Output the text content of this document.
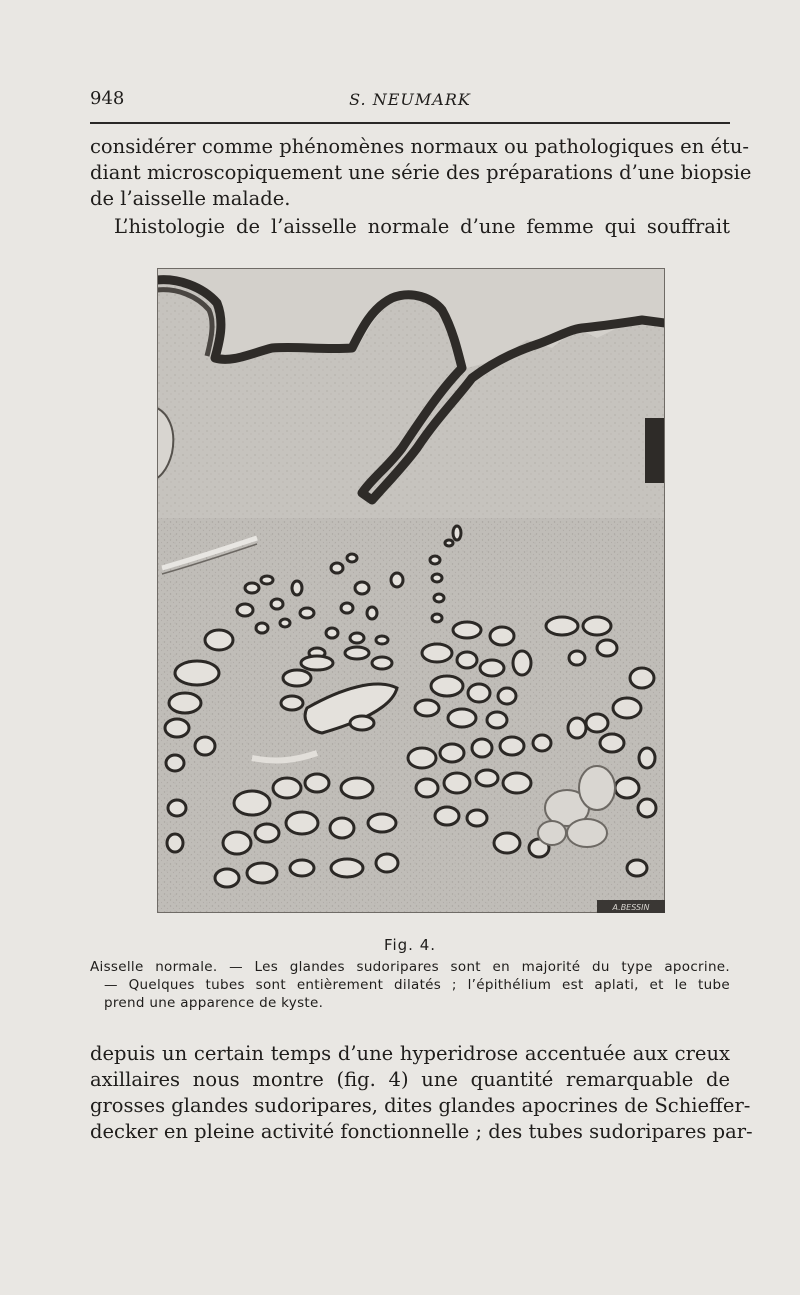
948	S. NEUMARK

considérer comme phénomènes normaux ou pathologiques en étu-
diant microscopiquement une série des préparations d’une biopsie
de l’aisselle malade.

L’histologie de l’aisselle normale d’une femme qui souffrait

A.BESSIN
Fig. 4.

Aisselle normale. — Les glandes sudoripares sont en majorité du type apocrine.
— Quelques tubes sont entièrement dilatés ; l’épithélium est aplati, et le tube
prend une apparence de kyste.

depuis un certain temps d’une hyperidrose accentuée aux creux
axillaires nous montre (fig. 4) une quantité remarquable de
grosses glandes sudoripares, dites glandes apocrines de Schieffer-
decker en pleine activité fonctionnelle ; des tubes sudoripares par-
